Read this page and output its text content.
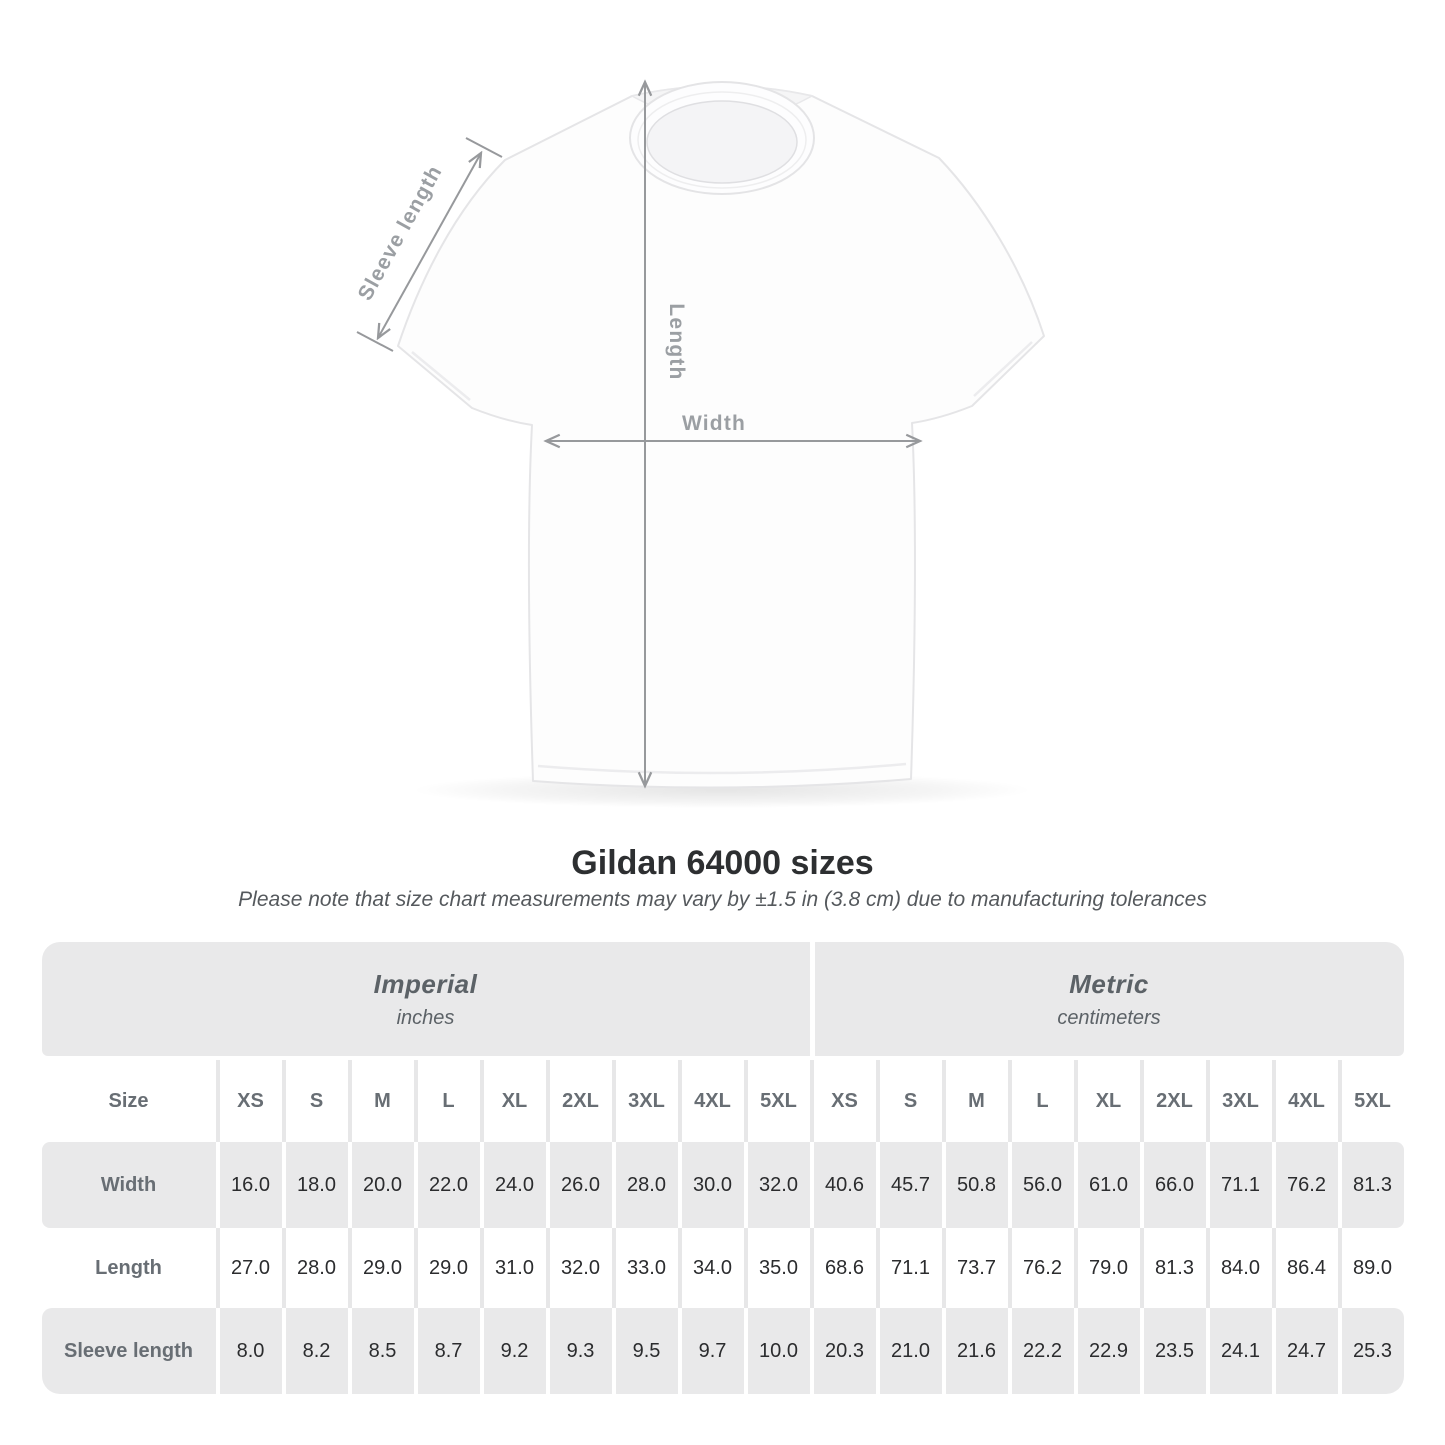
Sleeve length
Length
Width
Gildan 64000 sizes

Please note that size chart measurements may vary by ±1.5 in (3.8 cm) due to manufacturing tolerances

Imperial
inches
Metric
centimeters
Size	XS	S	M	L	XL	2XL	3XL	4XL	5XL	XS	S	M	L	XL	2XL	3XL	4XL	5XL
Width	16.0	18.0	20.0	22.0	24.0	26.0	28.0	30.0	32.0	40.6	45.7	50.8	56.0	61.0	66.0	71.1	76.2	81.3
Length	27.0	28.0	29.0	29.0	31.0	32.0	33.0	34.0	35.0	68.6	71.1	73.7	76.2	79.0	81.3	84.0	86.4	89.0
Sleeve length	8.0	8.2	8.5	8.7	9.2	9.3	9.5	9.7	10.0	20.3	21.0	21.6	22.2	22.9	23.5	24.1	24.7	25.3
